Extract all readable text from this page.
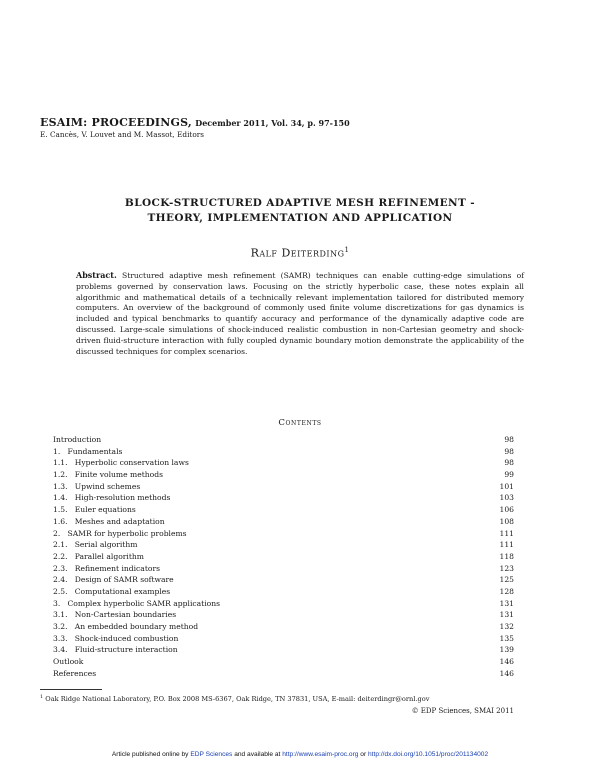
ESAIM: PROCEEDINGS, December 2011, Vol. 34, p. 97-150
E. Cancès, V. Louvet and M. Massot, Editors
BLOCK-STRUCTURED ADAPTIVE MESH REFINEMENT -
THEORY, IMPLEMENTATION AND APPLICATION
Ralf Deiterding$^1$
Abstract. Structured adaptive mesh refinement (SAMR) techniques can enable cutting-edge simulations of problems governed by conservation laws. Focusing on the strictly hyperbolic case, these notes explain all algorithmic and mathematical details of a technically relevant implementation tailored for distributed memory computers. An overview of the background of commonly used finite volume discretizations for gas dynamics is included and typical benchmarks to quantify accuracy and performance of the dynamically adaptive code are discussed. Large-scale simulations of shock-induced realistic combustion in non-Cartesian geometry and shock-driven fluid-structure interaction with fully coupled dynamic boundary motion demonstrate the applicability of the discussed techniques for complex scenarios.
Contents
Introduction	98
1.   Fundamentals	98
1.1.   Hyperbolic conservation laws	98
1.2.   Finite volume methods	99
1.3.   Upwind schemes	101
1.4.   High-resolution methods	103
1.5.   Euler equations	106
1.6.   Meshes and adaptation	108
2.   SAMR for hyperbolic problems	111
2.1.   Serial algorithm	111
2.2.   Parallel algorithm	118
2.3.   Refinement indicators	123
2.4.   Design of SAMR software	125
2.5.   Computational examples	128
3.   Complex hyperbolic SAMR applications	131
3.1.   Non-Cartesian boundaries	131
3.2.   An embedded boundary method	132
3.3.   Shock-induced combustion	135
3.4.   Fluid-structure interaction	139
Outlook	146
References	146
$^1$ Oak Ridge National Laboratory, P.O. Box 2008 MS-6367, Oak Ridge, TN 37831, USA, E-mail: deiterdingr@ornl.gov
© EDP Sciences, SMAI 2011
Article published online by EDP Sciences and available at http://www.esaim-proc.org or http://dx.doi.org/10.1051/proc/201134002
